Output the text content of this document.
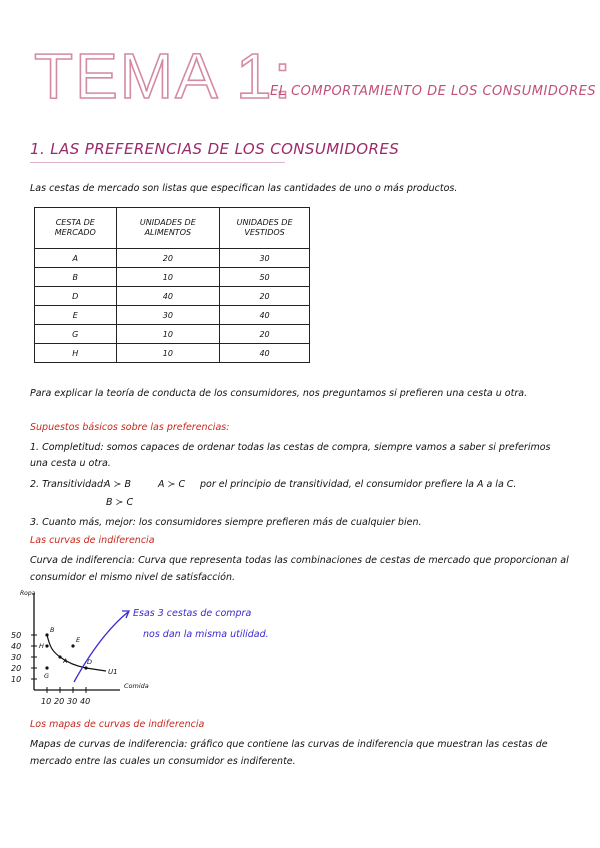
TEMA 1:
EL COMPORTAMIENTO DE LOS CONSUMIDORES
1. LAS PREFERENCIAS DE LOS CONSUMIDORES
Las cestas de mercado son listas que especifican las cantidades de uno o más productos.
CESTA DE MERCADO	UNIDADES DE ALIMENTOS	UNIDADES DE VESTIDOS
A	20	30
B	10	50
D	40	20
E	30	40
G	10	20
H	10	40
Para explicar la teoría de conducta de los consumidores, nos preguntamos si prefieren una cesta u otra.
Supuestos básicos sobre las preferencias:
1. Completitud: somos capaces de ordenar todas las cestas de compra, siempre vamos a saber si preferimos una cesta u otra.
2. Transitividad:
A ≻ B	A ≻ C
B ≻ C
por el principio de transitividad, el consumidor prefiere la A a la C.
3. Cuanto más, mejor: los consumidores siempre prefieren más de cualquier bien.
Las curvas de indiferencia
Curva de indiferencia: Curva que representa todas las combinaciones de cestas de mercado que proporcionan al consumidor el mismo nivel de satisfacción.
Ropa
Comida
50
40
30
20
10
10 20 30 40
U1
B
H
A
E
D
G
Esas 3 cestas de compra
nos dan la misma utilidad.
Los mapas de curvas de indiferencia
Mapas de curvas de indiferencia: gráfico que contiene las curvas de indiferencia que muestran las cestas de mercado entre las cuales un consumidor es indiferente.
